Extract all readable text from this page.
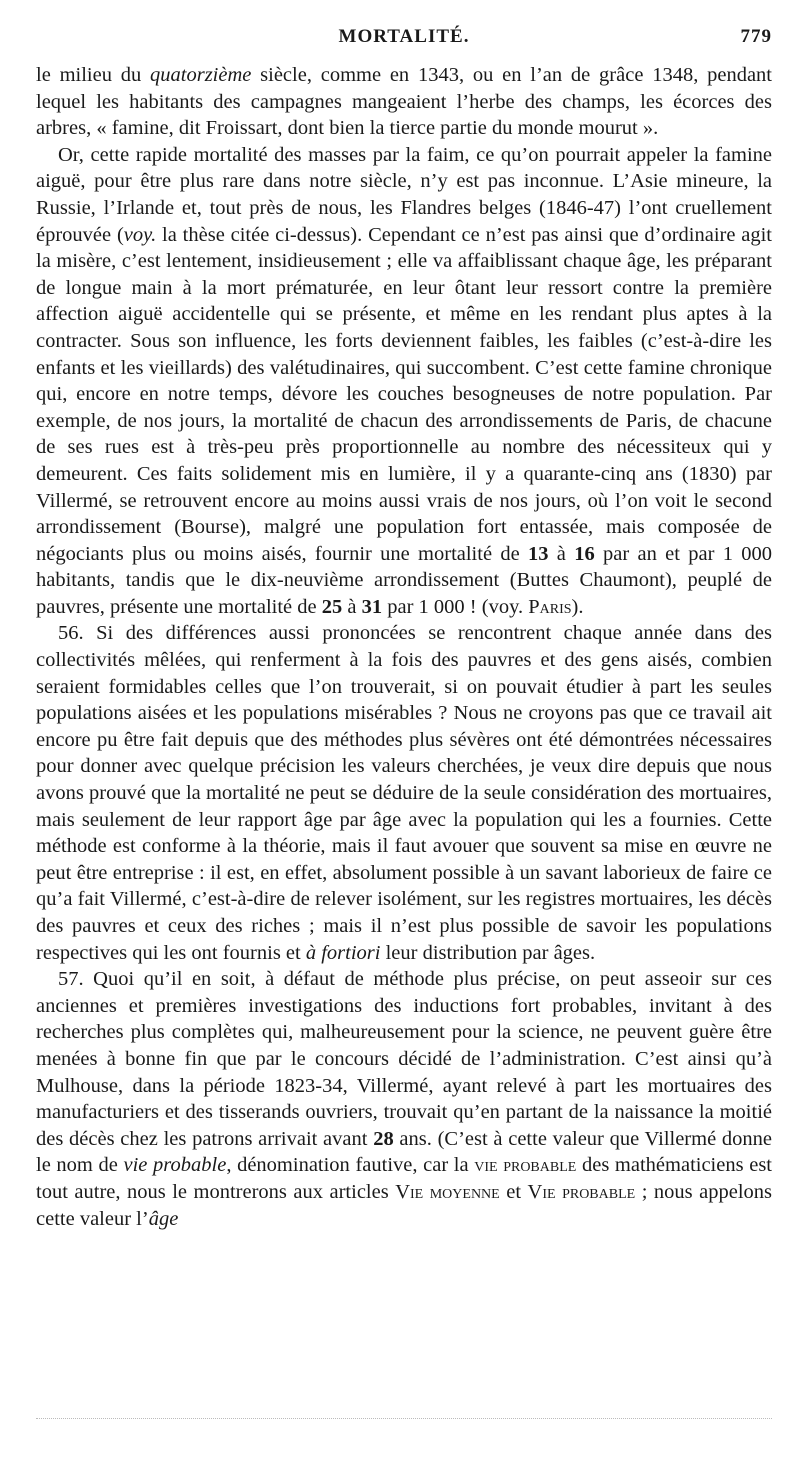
MORTALITÉ.	779

le milieu du quatorzième siècle, comme en 1343, ou en l’an de grâce 1348, pendant lequel les habitants des campagnes mangeaient l’herbe des champs, les écorces des arbres, « famine, dit Froissart, dont bien la tierce partie du monde mourut ».

Or, cette rapide mortalité des masses par la faim, ce qu’on pourrait appeler la famine aiguë, pour être plus rare dans notre siècle, n’y est pas inconnue. L’Asie mineure, la Russie, l’Irlande et, tout près de nous, les Flandres belges (1846-47) l’ont cruellement éprouvée (voy. la thèse citée ci-dessus). Cependant ce n’est pas ainsi que d’ordinaire agit la misère, c’est lentement, insidieusement ; elle va affaiblissant chaque âge, les préparant de longue main à la mort prématurée, en leur ôtant leur ressort contre la première affection aiguë accidentelle qui se présente, et même en les rendant plus aptes à la contracter. Sous son influence, les forts deviennent faibles, les faibles (c’est-à-dire les enfants et les vieillards) des valétudinaires, qui succombent. C’est cette famine chronique qui, encore en notre temps, dévore les couches besogneuses de notre population. Par exemple, de nos jours, la mortalité de chacun des arrondissements de Paris, de chacune de ses rues est à très-peu près proportionnelle au nombre des nécessiteux qui y demeurent. Ces faits solidement mis en lumière, il y a quarante-cinq ans (1830) par Villermé, se retrouvent encore au moins aussi vrais de nos jours, où l’on voit le second arrondissement (Bourse), malgré une population fort entassée, mais composée de négociants plus ou moins aisés, fournir une mortalité de 13 à 16 par an et par 1 000 habitants, tandis que le dix-neuvième arrondissement (Buttes Chaumont), peuplé de pauvres, présente une mortalité de 25 à 31 par 1 000 ! (voy. Paris).

56. Si des différences aussi prononcées se rencontrent chaque année dans des collectivités mêlées, qui renferment à la fois des pauvres et des gens aisés, combien seraient formidables celles que l’on trouverait, si on pouvait étudier à part les seules populations aisées et les populations misérables ? Nous ne croyons pas que ce travail ait encore pu être fait depuis que des méthodes plus sévères ont été démontrées nécessaires pour donner avec quelque précision les valeurs cherchées, je veux dire depuis que nous avons prouvé que la mortalité ne peut se déduire de la seule considération des mortuaires, mais seulement de leur rapport âge par âge avec la population qui les a fournies. Cette méthode est conforme à la théorie, mais il faut avouer que souvent sa mise en œuvre ne peut être entreprise : il est, en effet, absolument possible à un savant laborieux de faire ce qu’a fait Villermé, c’est-à-dire de relever isolément, sur les registres mortuaires, les décès des pauvres et ceux des riches ; mais il n’est plus possible de savoir les populations respectives qui les ont fournis et à fortiori leur distribution par âges.

57. Quoi qu’il en soit, à défaut de méthode plus précise, on peut asseoir sur ces anciennes et premières investigations des inductions fort probables, invitant à des recherches plus complètes qui, malheureusement pour la science, ne peuvent guère être menées à bonne fin que par le concours décidé de l’administration. C’est ainsi qu’à Mulhouse, dans la période 1823-34, Villermé, ayant relevé à part les mortuaires des manufacturiers et des tisserands ouvriers, trouvait qu’en partant de la naissance la moitié des décès chez les patrons arrivait avant 28 ans. (C’est à cette valeur que Villermé donne le nom de vie probable, dénomination fautive, car la vie probable des mathématiciens est tout autre, nous le montrerons aux articles Vie moyenne et Vie probable ; nous appelons cette valeur l’âge
